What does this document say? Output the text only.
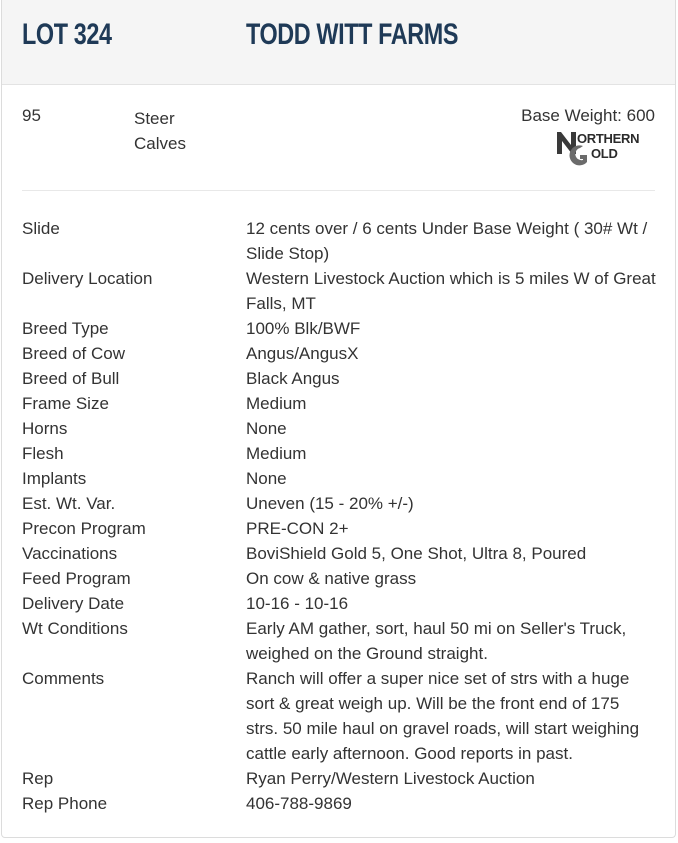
LOT 324	TODD WITT FARMS
95	Steer Calves
Base Weight: 600
ORTHERN
OLD
Slide	12 cents over / 6 cents Under Base Weight ( 30# Wt / Slide Stop)
Delivery Location	Western Livestock Auction which is 5 miles W of Great Falls, MT
Breed Type	100% Blk/BWF
Breed of Cow	Angus/AngusX
Breed of Bull	Black Angus
Frame Size	Medium
Horns	None
Flesh	Medium
Implants	None
Est. Wt. Var.	Uneven (15 - 20% +/-)
Precon Program	PRE-CON 2+
Vaccinations	BoviShield Gold 5, One Shot, Ultra 8, Poured
Feed Program	On cow & native grass
Delivery Date	10-16 - 10-16
Wt Conditions	Early AM gather, sort, haul 50 mi on Seller's Truck, weighed on the Ground straight.
Comments	Ranch will offer a super nice set of strs with a huge sort & great weigh up. Will be the front end of 175 strs. 50 mile haul on gravel roads, will start weighing cattle early afternoon. Good reports in past.
Rep	Ryan Perry/Western Livestock Auction
Rep Phone	406-788-9869
